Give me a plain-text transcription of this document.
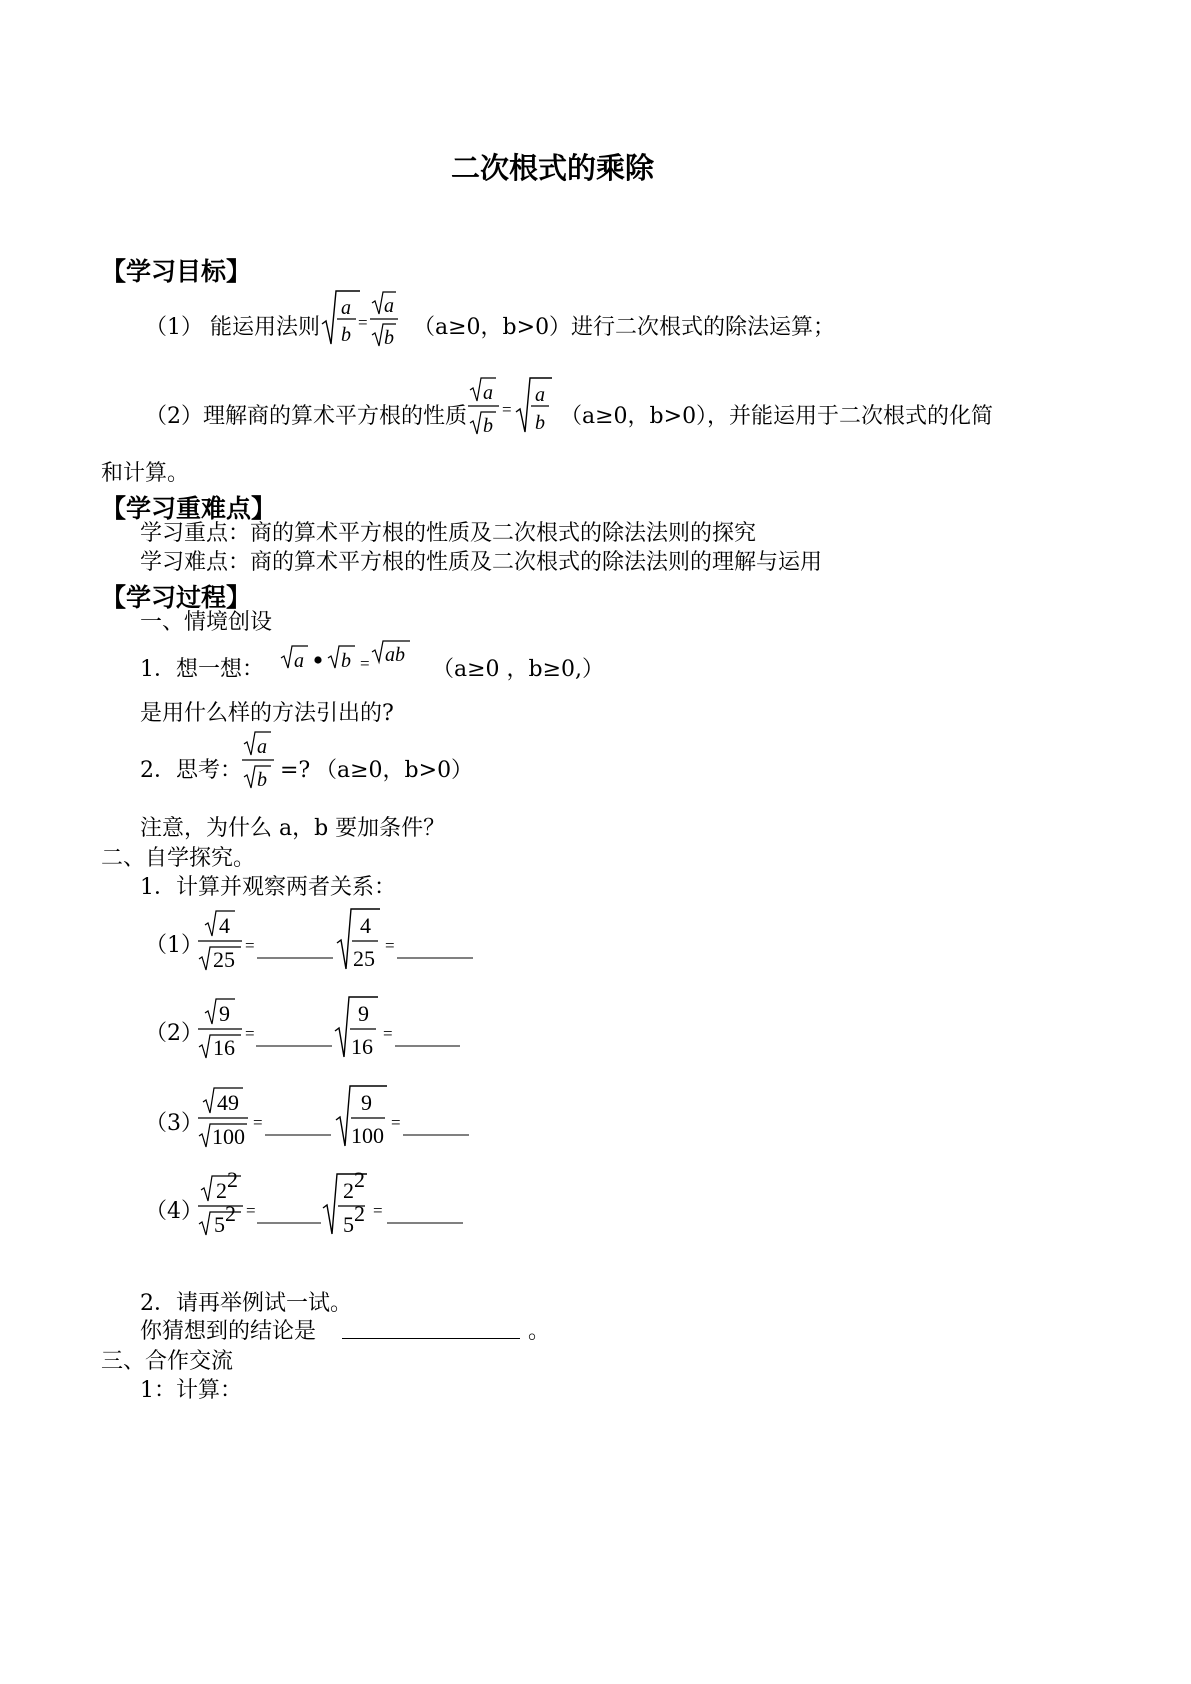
二次根式的乘除
【学习目标】
（1） 能运用法则
a
b
=
a
b （a≥0，b>0）进行二次根式的除法运算；
（2）理解商的算术平方根的性质
a
b
=
a
b （a≥0，b>0），并能运用于二次根式的化简
和计算。
【学习重难点】
学习重点：商的算术平方根的性质及二次根式的除法法则的探究
学习难点：商的算术平方根的性质及二次根式的除法法则的理解与运用
【学习过程】
一、情境创设
1．想一想： a b = ab
（a≥0 ，b≥0,）
是用什么样的方法引出的?
2．思考：
a
b =? （a≥0，b>0）
注意，为什么 a，b 要加条件？
二、自学探究。
1．计算并观察两者关系：
（1）
4
25
=
4
25
=
（2）
9
16
=
9
16
=
（3）
49
100
=
9
100
=
（4）
2 2
5 2 =
2 2
5 2 =
2．请再举例试一试。
你猜想到的结论是	。
三、合作交流
1：计算：
